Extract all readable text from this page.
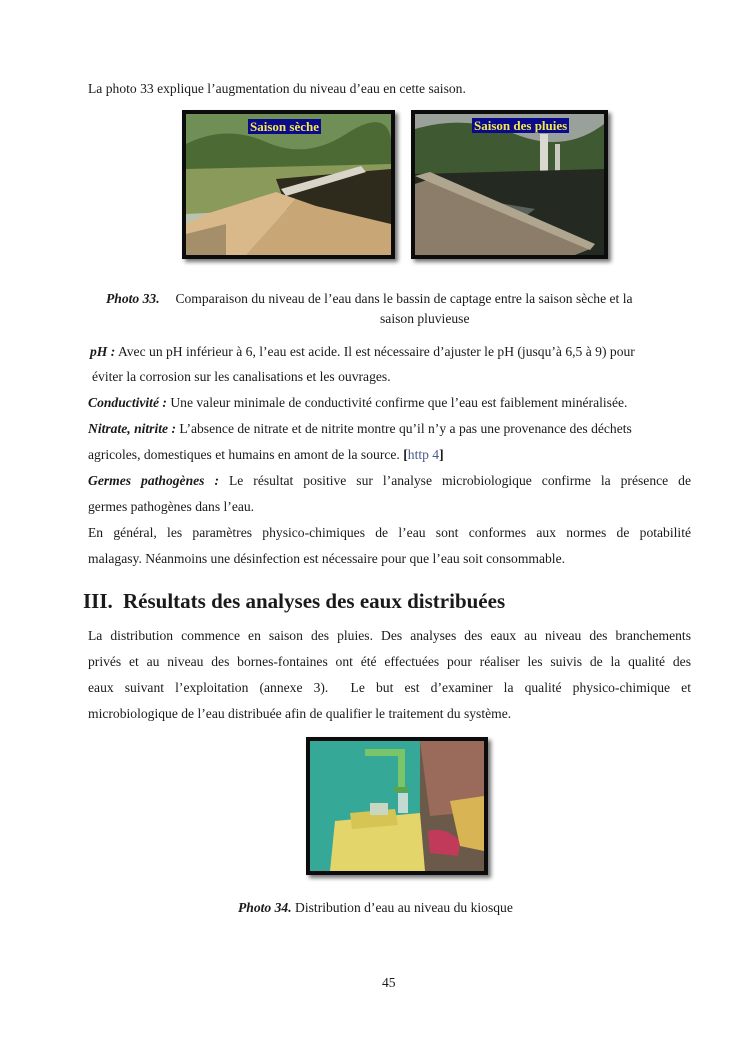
La photo 33 explique l’augmentation du niveau d’eau en cette saison.
Saison sèche	Saison des pluies
Photo 33. Comparaison du niveau de l’eau dans le bassin de captage entre la saison sèche et la
saison pluvieuse
pH : Avec un pH inférieur à 6, l’eau est acide. Il est nécessaire d’ajuster le pH (jusqu’à 6,5 à 9) pour
éviter la corrosion sur les canalisations et les ouvrages.
Conductivité : Une valeur minimale de conductivité confirme que l’eau est faiblement minéralisée.
Nitrate, nitrite : L’absence de nitrate et de nitrite montre qu’il n’y a pas une provenance des déchets
agricoles, domestiques et humains en amont de la source. [http 4]
Germes pathogènes : Le résultat positive sur l’analyse microbiologique confirme la présence de
germes pathogènes dans l’eau.
En général, les paramètres physico-chimiques de l’eau sont conformes aux normes de potabilité
malagasy. Néanmoins une désinfection est nécessaire pour que l’eau soit consommable.
III. Résultats des analyses des eaux distribuées
La distribution commence en saison des pluies. Des analyses des eaux au niveau des branchements
privés et au niveau des bornes-fontaines ont été effectuées pour réaliser les suivis de la qualité des
eaux suivant l’exploitation (annexe 3).  Le but est d’examiner la qualité physico-chimique et
microbiologique de l’eau distribuée afin de qualifier le traitement du système.
Photo 34. Distribution d’eau au niveau du kiosque
45
